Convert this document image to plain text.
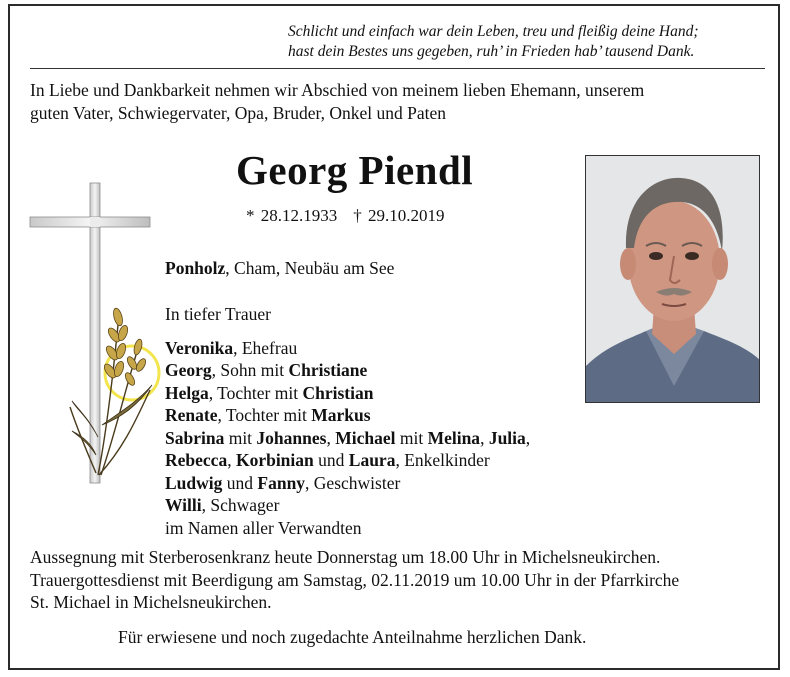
Schlicht und einfach war dein Leben, treu und fleißig deine Hand;
hast dein Bestes uns gegeben, ruh’ in Frieden hab’ tausend Dank.
In Liebe und Dankbarkeit nehmen wir Abschied von meinem lieben Ehemann, unserem
guten Vater, Schwiegervater, Opa, Bruder, Onkel und Paten
Georg Piendl
* 28.12.1933 † 29.10.2019
Ponholz, Cham, Neubäu am See
In tiefer Trauer
Veronika, Ehefrau
Georg, Sohn mit Christiane
Helga, Tochter mit Christian
Renate, Tochter mit Markus
Sabrina mit Johannes, Michael mit Melina, Julia,
Rebecca, Korbinian und Laura, Enkelkinder
Ludwig und Fanny, Geschwister
Willi, Schwager
im Namen aller Verwandten
Aussegnung mit Sterberosenkranz heute Donnerstag um 18.00 Uhr in Michelsneukirchen.
Trauergottesdienst mit Beerdigung am Samstag, 02.11.2019 um 10.00 Uhr in der Pfarrkirche
St. Michael in Michelsneukirchen.
Für erwiesene und noch zugedachte Anteilnahme herzlichen Dank.
